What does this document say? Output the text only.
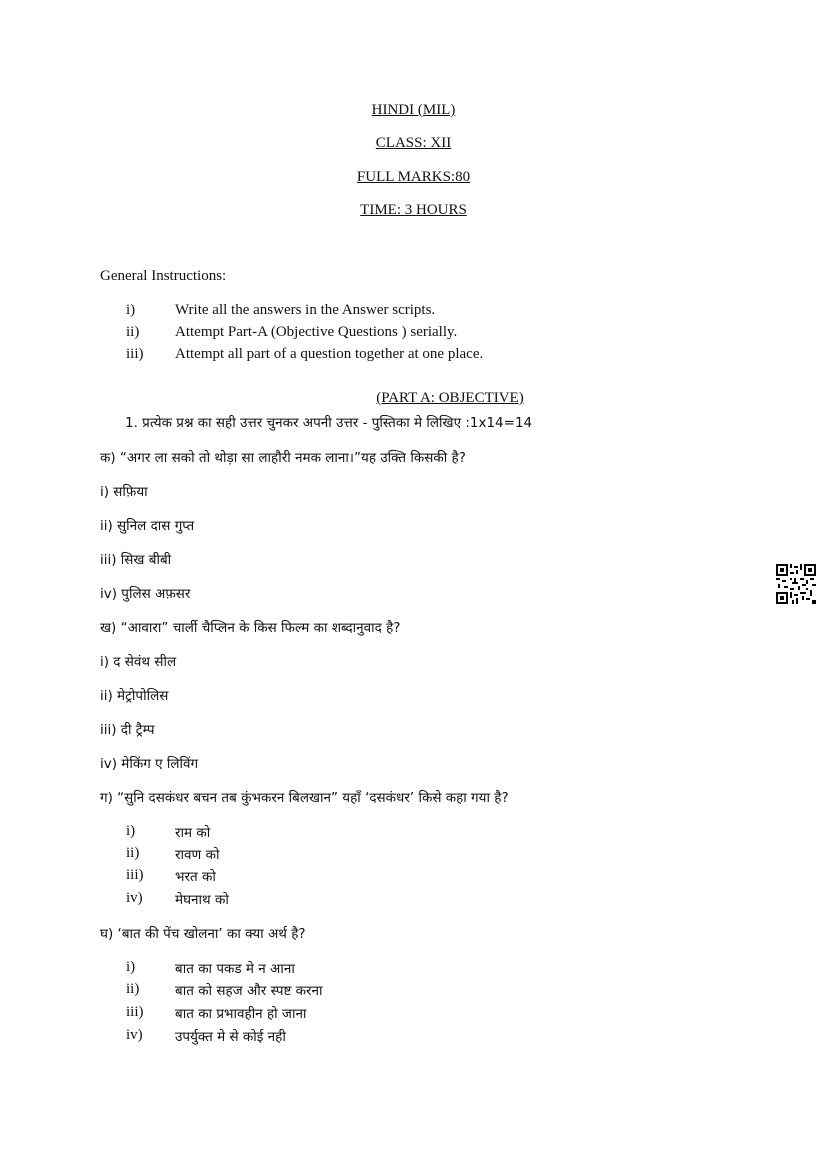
HINDI (MIL)
CLASS: XII
FULL MARKS:80
TIME: 3 HOURS
General Instructions:
i)	Write all the answers in the Answer scripts.
ii) Attempt Part-A (Objective Questions ) serially.
iii) Attempt all part of a question together at one place.
(PART A: OBJECTIVE)
1. प्रत्येक प्रश्न का सही उत्तर चुनकर अपनी उत्तर - पुस्तिका मे लिखिए :1x14=14
क) “अगर ला सको तो थोड़ा सा लाहौरी नमक लाना।”यह उक्ति किसकी है?
i) सफ़िया
ii) सुनिल दास गुप्त
iii) सिख बीबी
iv) पुलिस अफ़सर
ख) “आवारा” चार्ली चैप्लिन के किस फिल्म का शब्दानुवाद है?
i) द सेवंथ सील
ii) मेट्रोपोलिस
iii) दी ट्रैम्प
iv) मेकिंग ए लिविंग
ग) “सुनि दसकंधर बचन तब कुंभकरन बिलखान” यहाँ ‘दसकंधर’ किसे कहा गया है?
i)	राम को
ii)	रावण को
iii) भरत को
iv) मेघनाथ को
घ) ‘बात की पेंच खोलना’ का क्या अर्थ है?
i)	बात का पकड मे न आना
ii)	बात को सहज और स्पष्ट करना
iii) बात का प्रभावहीन हो जाना
iv) उपर्युक्त मे से कोई नही
